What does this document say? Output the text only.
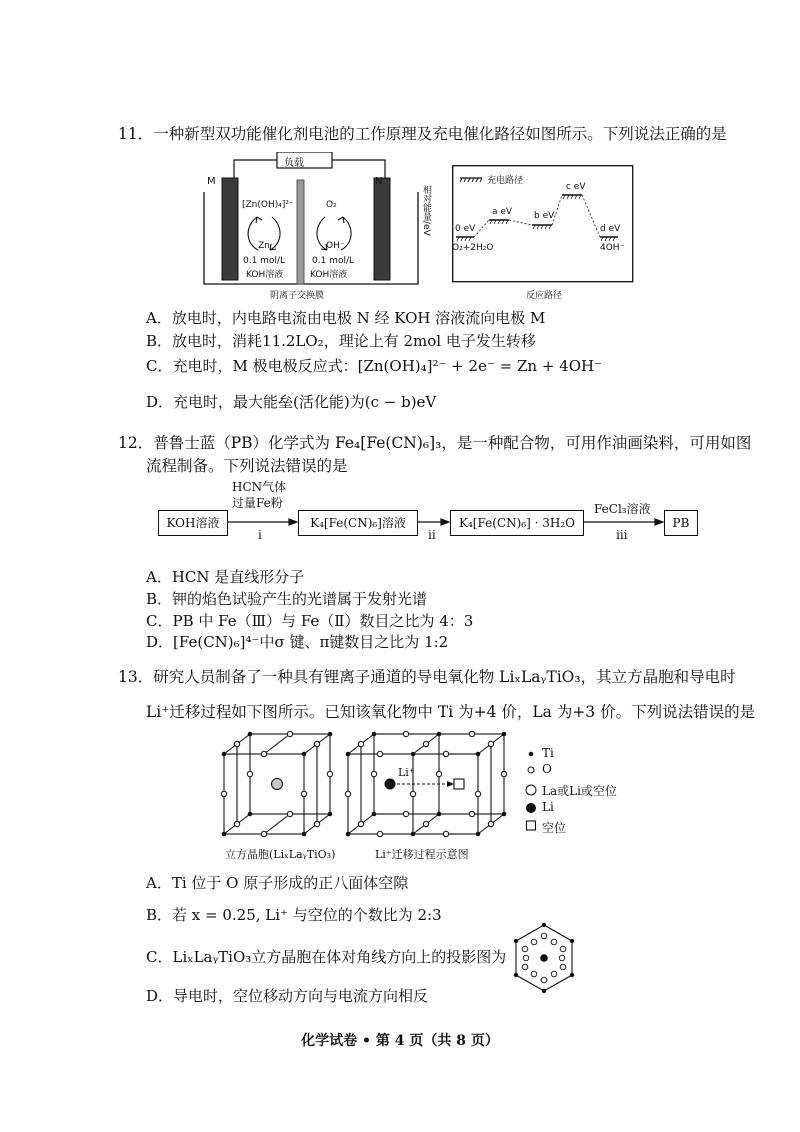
11．一种新型双功能催化剂电池的工作原理及充电催化路径如图所示。下列说法正确的是
负载
M	N
[Zn(OH)₄]²⁻
Zn
0.1 mol/L
KOH溶液
O₂
OH⁻
0.1 mol/L
KOH溶液
阴离子交换膜
充电路径
相对能量/eV
反应路径
0 eV
O₂+2H₂O
a eV b eV
c eV
d eV
4OH⁻
A．放电时，内电路电流由电极 N 经 KOH 溶液流向电极 M
B．放电时，消耗11.2LO₂，理论上有 2mol 电子发生转移
C．充电时，M 极电极反应式：[Zn(OH)₄]²⁻ + 2e⁻ = Zn + 4OH⁻
D．充电时，最大能垒(活化能)为(c − b)eV
12．普鲁士蓝（PB）化学式为 Fe₄[Fe(CN)₆]₃，是一种配合物，可用作油画染料，可用如图
流程制备。下列说法错误的是
KOH溶液	K₄[Fe(CN)₆]溶液	K₄[Fe(CN)₆] · 3H₂O	PB
HCN气体
过量Fe粉
i	ii
FeCl₃溶液
iii
A．HCN 是直线形分子
B．钾的焰色试验产生的光谱属于发射光谱
C．PB 中 Fe（Ⅲ）与 Fe（Ⅱ）数目之比为 4：3
D．[Fe(CN)₆]⁴⁻中σ 键、π键数目之比为 1:2
13．研究人员制备了一种具有锂离子通道的导电氧化物 LiₓLaᵧTiO₃，其立方晶胞和导电时
Li⁺迁移过程如下图所示。已知该氧化物中 Ti 为+4 价，La 为+3 价。下列说法错误的是
Li⁺
立方晶胞(LiₓLaᵧTiO₃)	Li⁺迁移过程示意图
Ti
O
La或Li或空位
Li
空位
A．Ti 位于 O 原子形成的正八面体空隙
B．若 x = 0.25, Li⁺ 与空位的个数比为 2:3
C．LiₓLaᵧTiO₃立方晶胞在体对角线方向上的投影图为
D．导电时，空位移动方向与电流方向相反
化学试卷 • 第 4 页（共 8 页）
